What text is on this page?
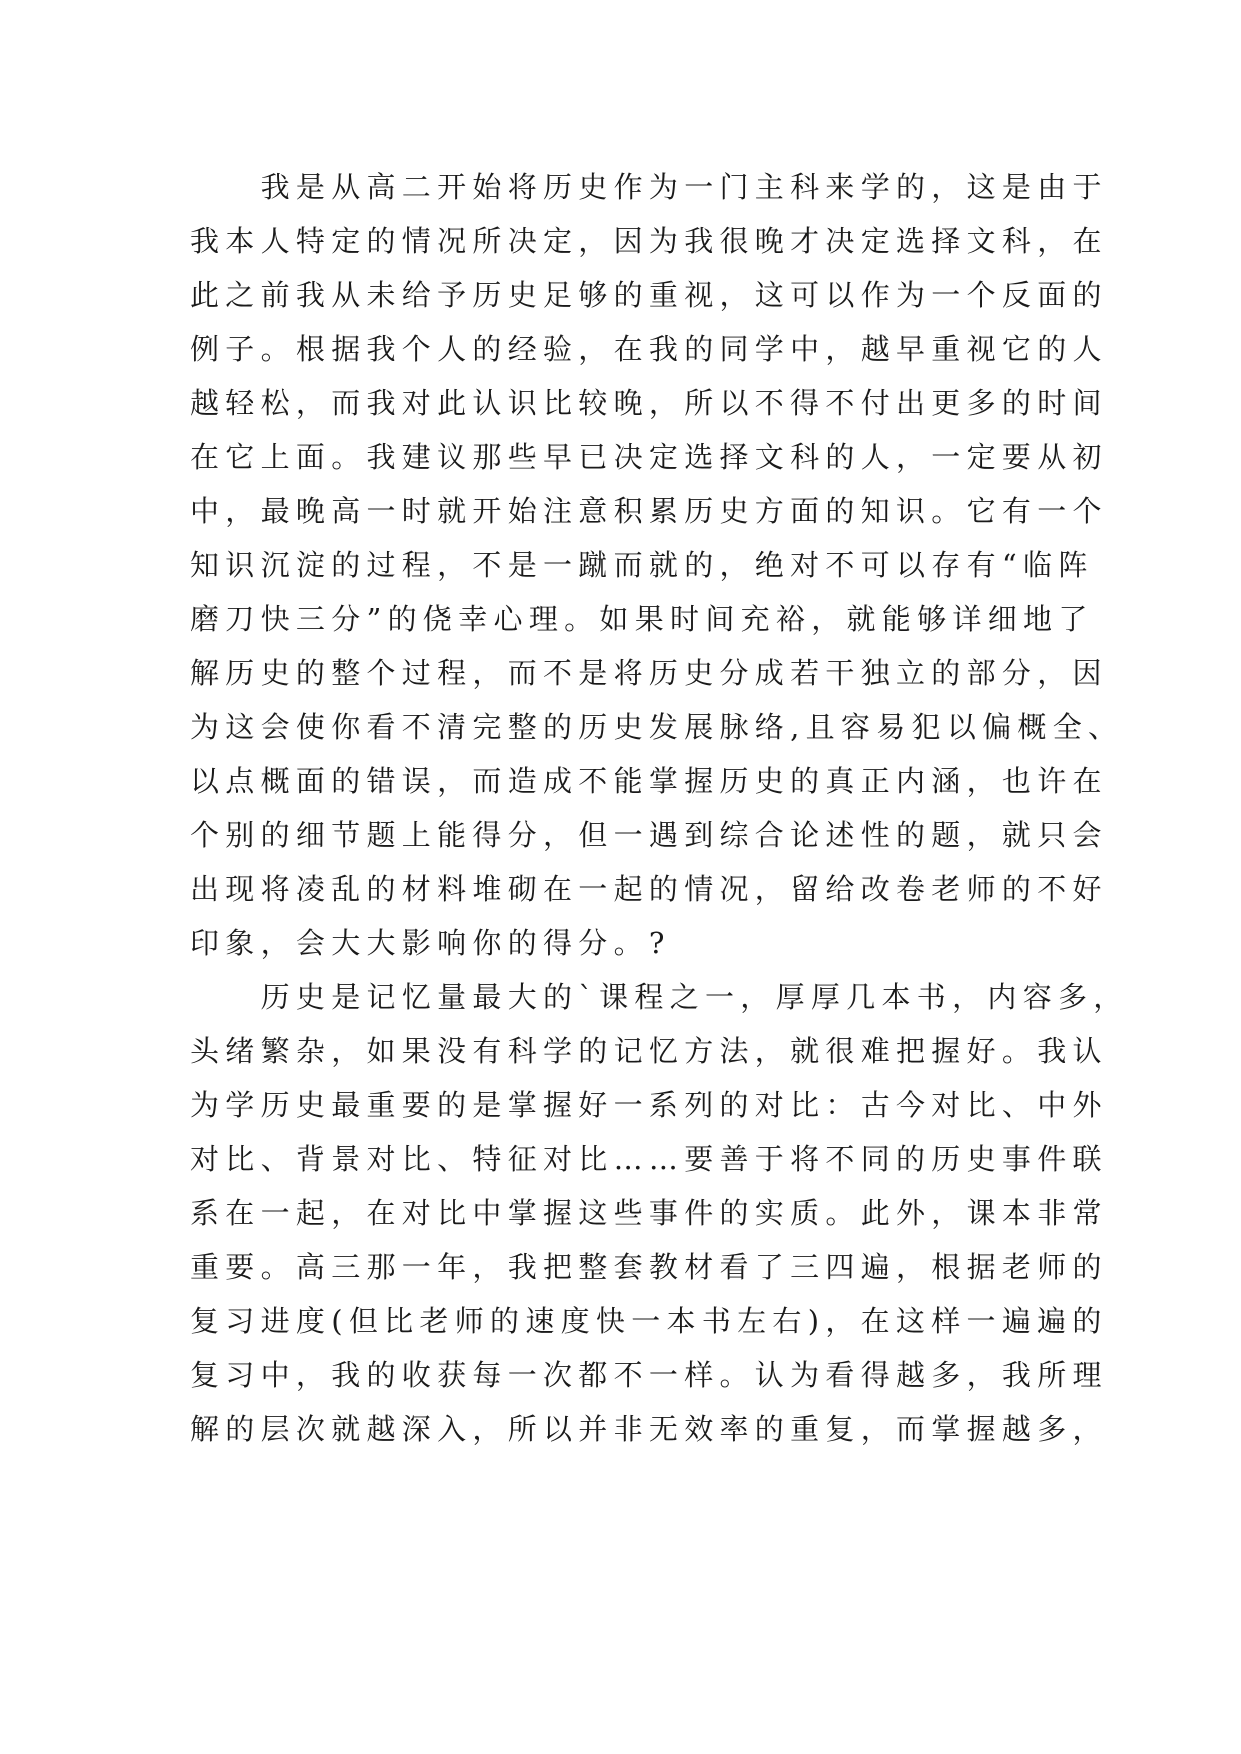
　　我是从高二开始将历史作为一门主科来学的，这是由于
我本人特定的情况所决定，因为我很晚才决定选择文科，在
此之前我从未给予历史足够的重视，这可以作为一个反面的
例子。根据我个人的经验，在我的同学中，越早重视它的人
越轻松，而我对此认识比较晚，所以不得不付出更多的时间
在它上面。我建议那些早已决定选择文科的人，一定要从初
中，最晚高一时就开始注意积累历史方面的知识。它有一个
知识沉淀的过程，不是一蹴而就的，绝对不可以存有“临阵
磨刀快三分”的侥幸心理。如果时间充裕，就能够详细地了
解历史的整个过程，而不是将历史分成若干独立的部分，因
为这会使你看不清完整的历史发展脉络,且容易犯以偏概全、
以点概面的错误，而造成不能掌握历史的真正内涵，也许在
个别的细节题上能得分，但一遇到综合论述性的题，就只会
出现将凌乱的材料堆砌在一起的情况，留给改卷老师的不好
印象，会大大影响你的得分。?
　　历史是记忆量最大的`课程之一，厚厚几本书，内容多，
头绪繁杂，如果没有科学的记忆方法，就很难把握好。我认
为学历史最重要的是掌握好一系列的对比：古今对比、中外
对比、背景对比、特征对比……要善于将不同的历史事件联
系在一起，在对比中掌握这些事件的实质。此外，课本非常
重要。高三那一年，我把整套教材看了三四遍，根据老师的
复习进度(但比老师的速度快一本书左右)，在这样一遍遍的
复习中，我的收获每一次都不一样。认为看得越多，我所理
解的层次就越深入，所以并非无效率的重复，而掌握越多，
